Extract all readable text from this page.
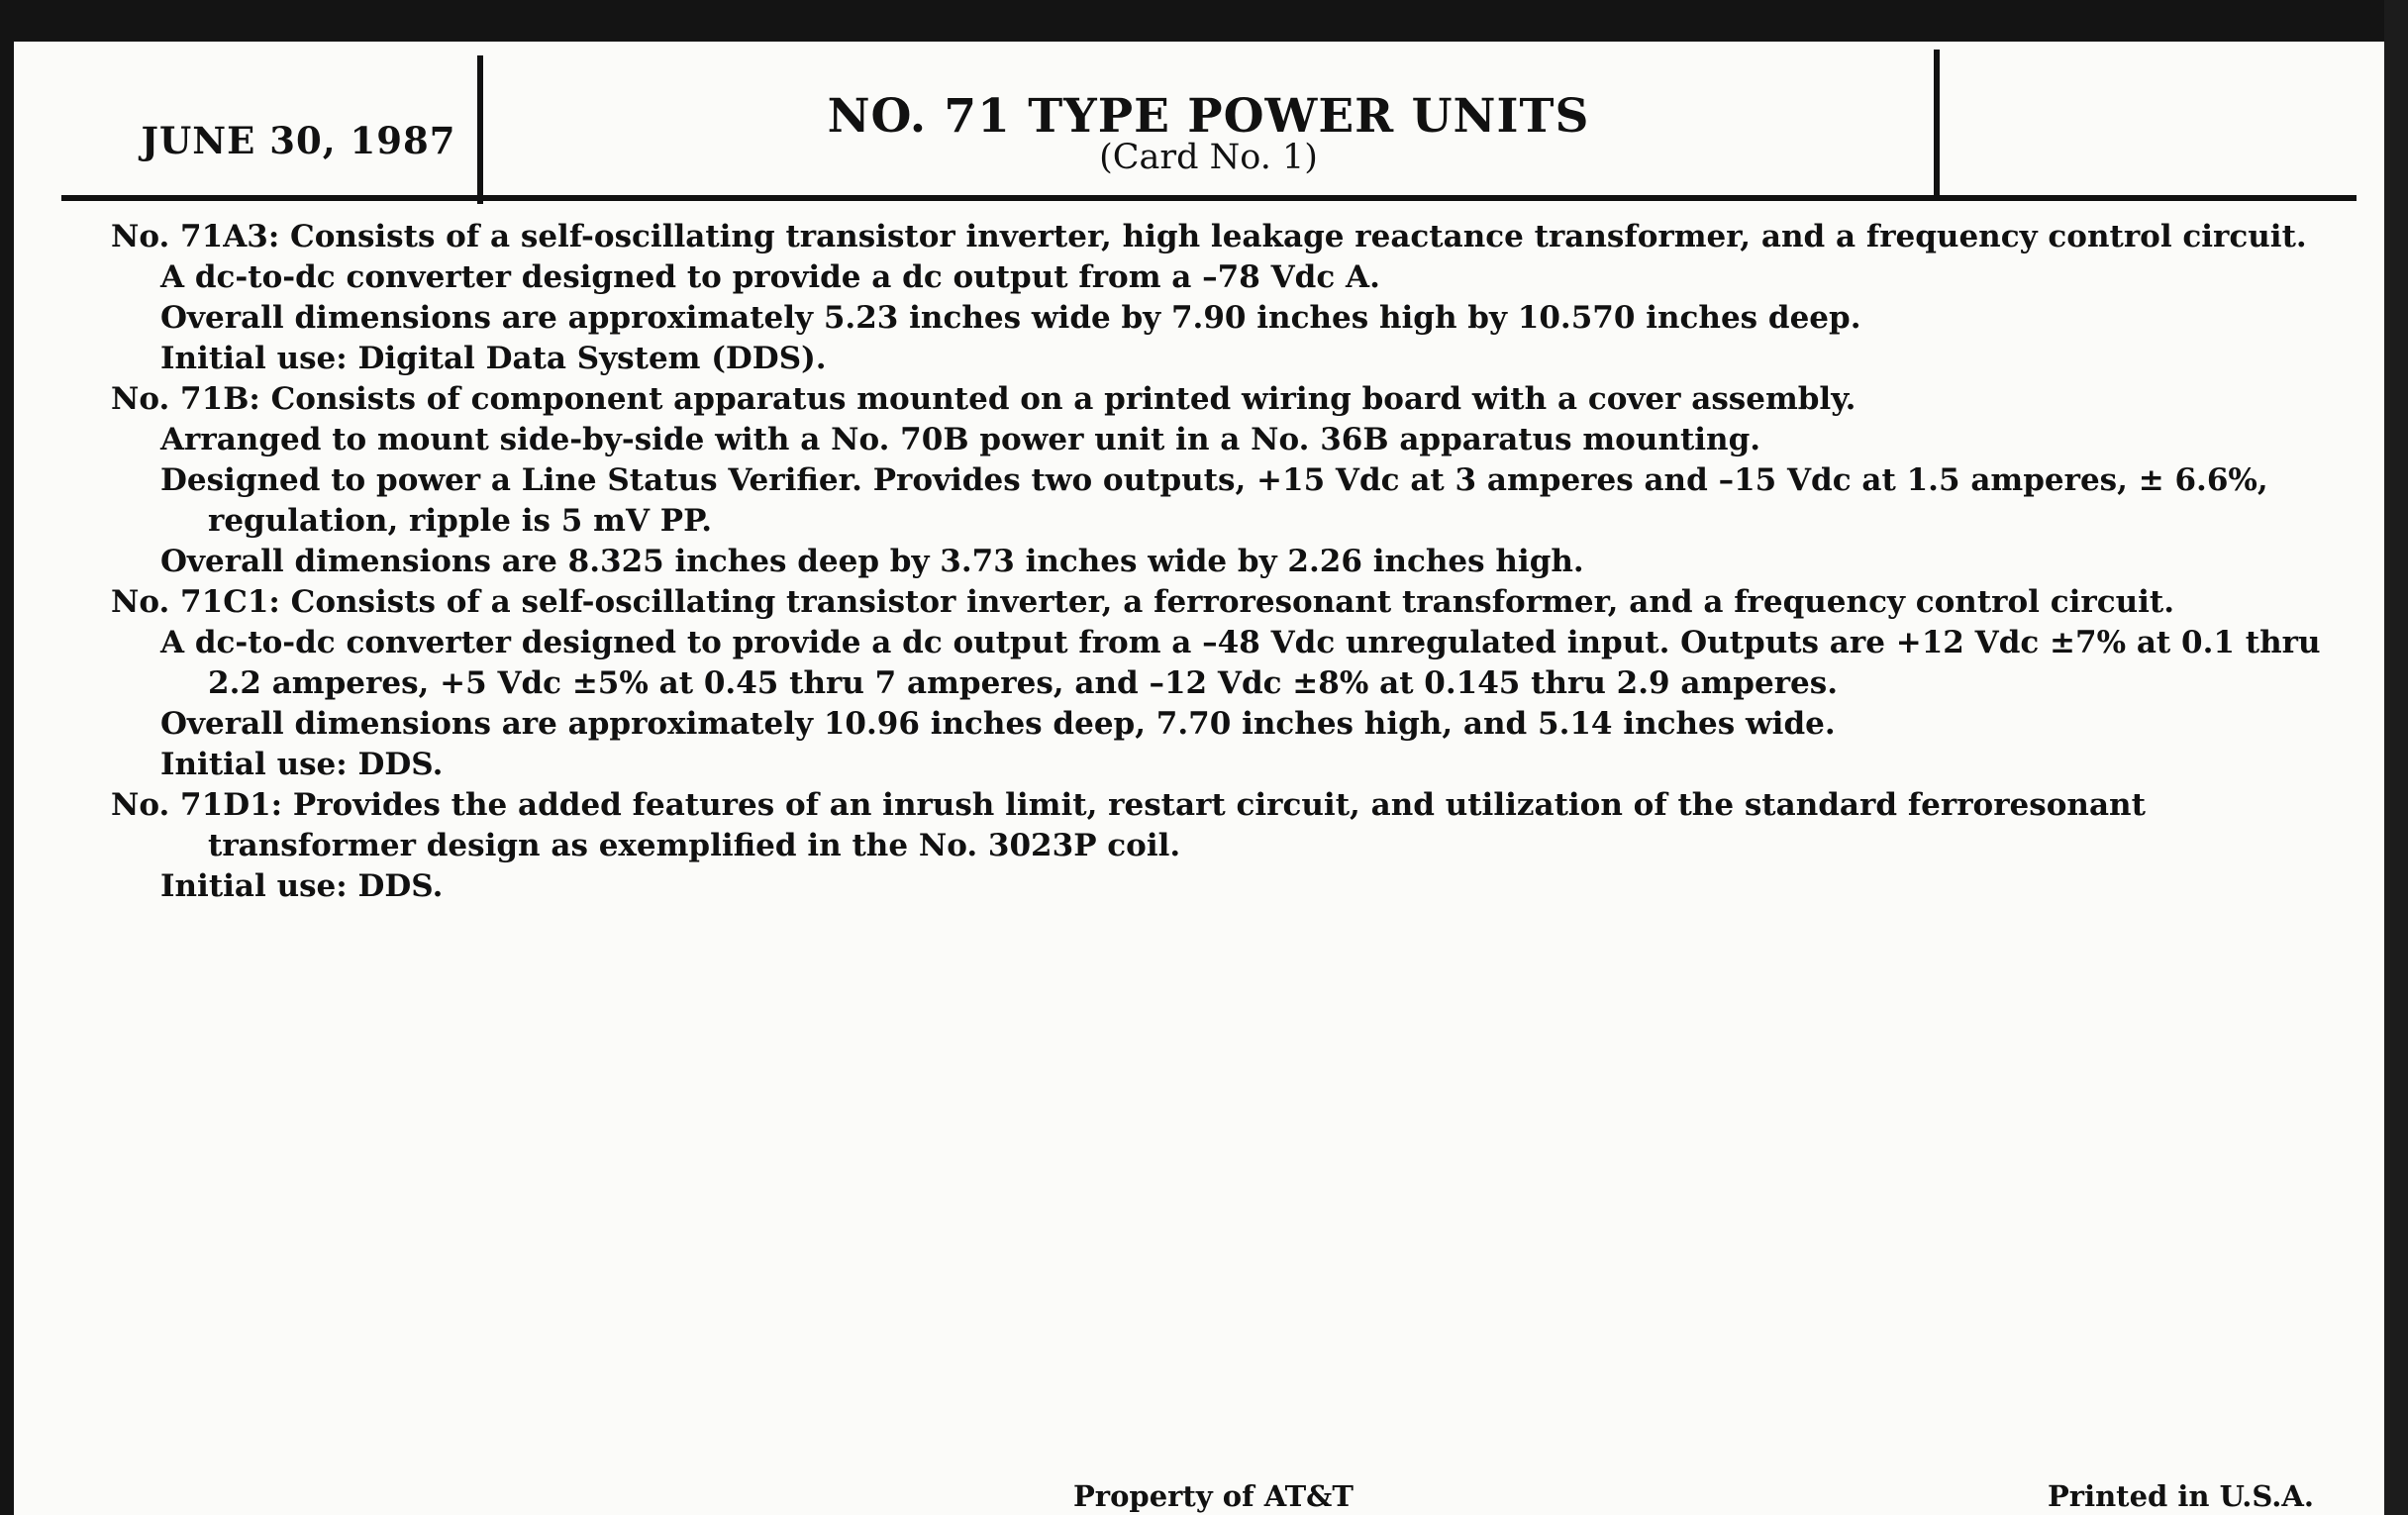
JUNE 30, 1987	NO. 71 TYPE POWER UNITS
(Card No. 1)

No. 71A3: Consists of a self-oscillating transistor inverter, high leakage reactance transformer, and a frequency control circuit.

A dc-to-dc converter designed to provide a dc output from a –78 Vdc A.

Overall dimensions are approximately 5.23 inches wide by 7.90 inches high by 10.570 inches deep.

Initial use: Digital Data System (DDS).

No. 71B: Consists of component apparatus mounted on a printed wiring board with a cover assembly.

Arranged to mount side-by-side with a No. 70B power unit in a No. 36B apparatus mounting.

Designed to power a Line Status Verifier. Provides two outputs, +15 Vdc at 3 amperes and –15 Vdc at 1.5 amperes, ± 6.6%, regulation, ripple is 5 mV PP.

Overall dimensions are 8.325 inches deep by 3.73 inches wide by 2.26 inches high.

No. 71C1: Consists of a self-oscillating transistor inverter, a ferroresonant transformer, and a frequency control circuit.

A dc-to-dc converter designed to provide a dc output from a –48 Vdc unregulated input. Outputs are +12 Vdc ±7% at 0.1 thru 2.2 amperes, +5 Vdc ±5% at 0.45 thru 7 amperes, and –12 Vdc ±8% at 0.145 thru 2.9 amperes.

Overall dimensions are approximately 10.96 inches deep, 7.70 inches high, and 5.14 inches wide.

Initial use: DDS.

No. 71D1: Provides the added features of an inrush limit, restart circuit, and utilization of the standard ferroresonant transformer design as exemplified in the No. 3023P coil.

Initial use: DDS.

Property of AT&T	Printed in U.S.A.
